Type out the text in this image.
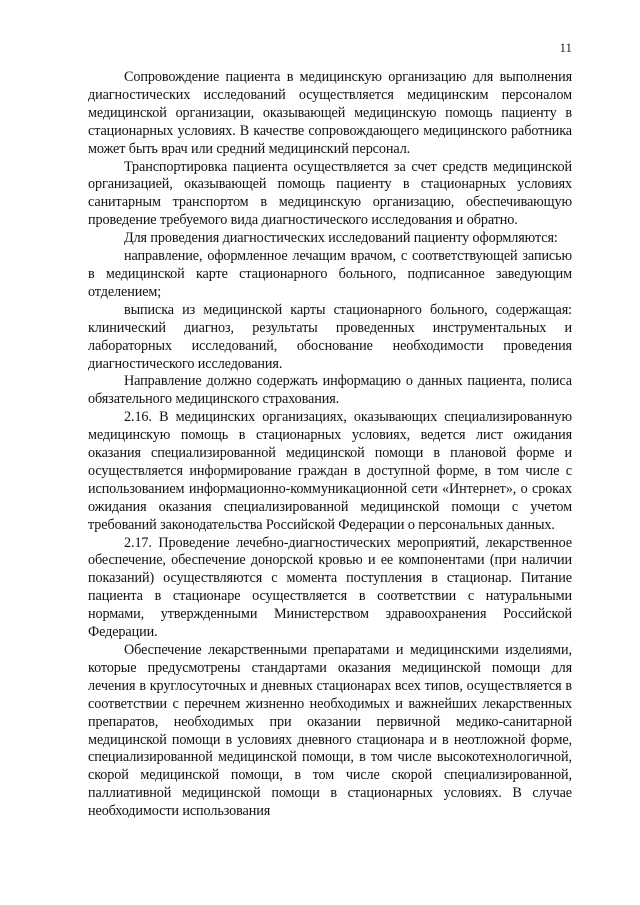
11

Сопровождение пациента в медицинскую организацию для выполнения диагностических исследований осуществляется медицинским персоналом медицинской организации, оказывающей медицинскую помощь пациенту в стационарных условиях. В качестве сопровождающего медицинского работника может быть врач или средний медицинский персонал.

Транспортировка пациента осуществляется за счет средств медицинской организацией, оказывающей помощь пациенту в стационарных условиях санитарным транспортом в медицинскую организацию, обеспечивающую проведение требуемого вида диагностического исследования и обратно.

Для проведения диагностических исследований пациенту оформляются:

направление, оформленное лечащим врачом, с соответствующей записью в медицинской карте стационарного больного, подписанное заведующим отделением;

выписка из медицинской карты стационарного больного, содержащая: клинический диагноз, результаты проведенных инструментальных и лабораторных исследований, обоснование необходимости проведения диагностического исследования.

Направление должно содержать информацию о данных пациента, полиса обязательного медицинского страхования.

2.16. В медицинских организациях, оказывающих специализированную медицинскую помощь в стационарных условиях, ведется лист ожидания оказания специализированной медицинской помощи в плановой форме и осуществляется информирование граждан в доступной форме, в том числе с использованием информационно-коммуникационной сети «Интернет», о сроках ожидания оказания специализированной медицинской помощи с учетом требований законодательства Российской Федерации о персональных данных.

2.17. Проведение лечебно-диагностических мероприятий, лекарственное обеспечение, обеспечение донорской кровью и ее компонентами (при наличии показаний) осуществляются с момента поступления в стационар. Питание пациента в стационаре осуществляется в соответствии с натуральными нормами, утвержденными Министерством здравоохранения Российской Федерации.

Обеспечение лекарственными препаратами и медицинскими изделиями, которые предусмотрены стандартами оказания медицинской помощи для лечения в круглосуточных и дневных стационарах всех типов, осуществляется в соответствии с перечнем жизненно необходимых и важнейших лекарственных препаратов, необходимых при оказании первичной медико-санитарной медицинской помощи в условиях дневного стационара и в неотложной форме, специализированной медицинской помощи, в том числе высокотехнологичной, скорой медицинской помощи, в том числе скорой специализированной, паллиативной медицинской помощи в стационарных условиях. В случае необходимости использования
